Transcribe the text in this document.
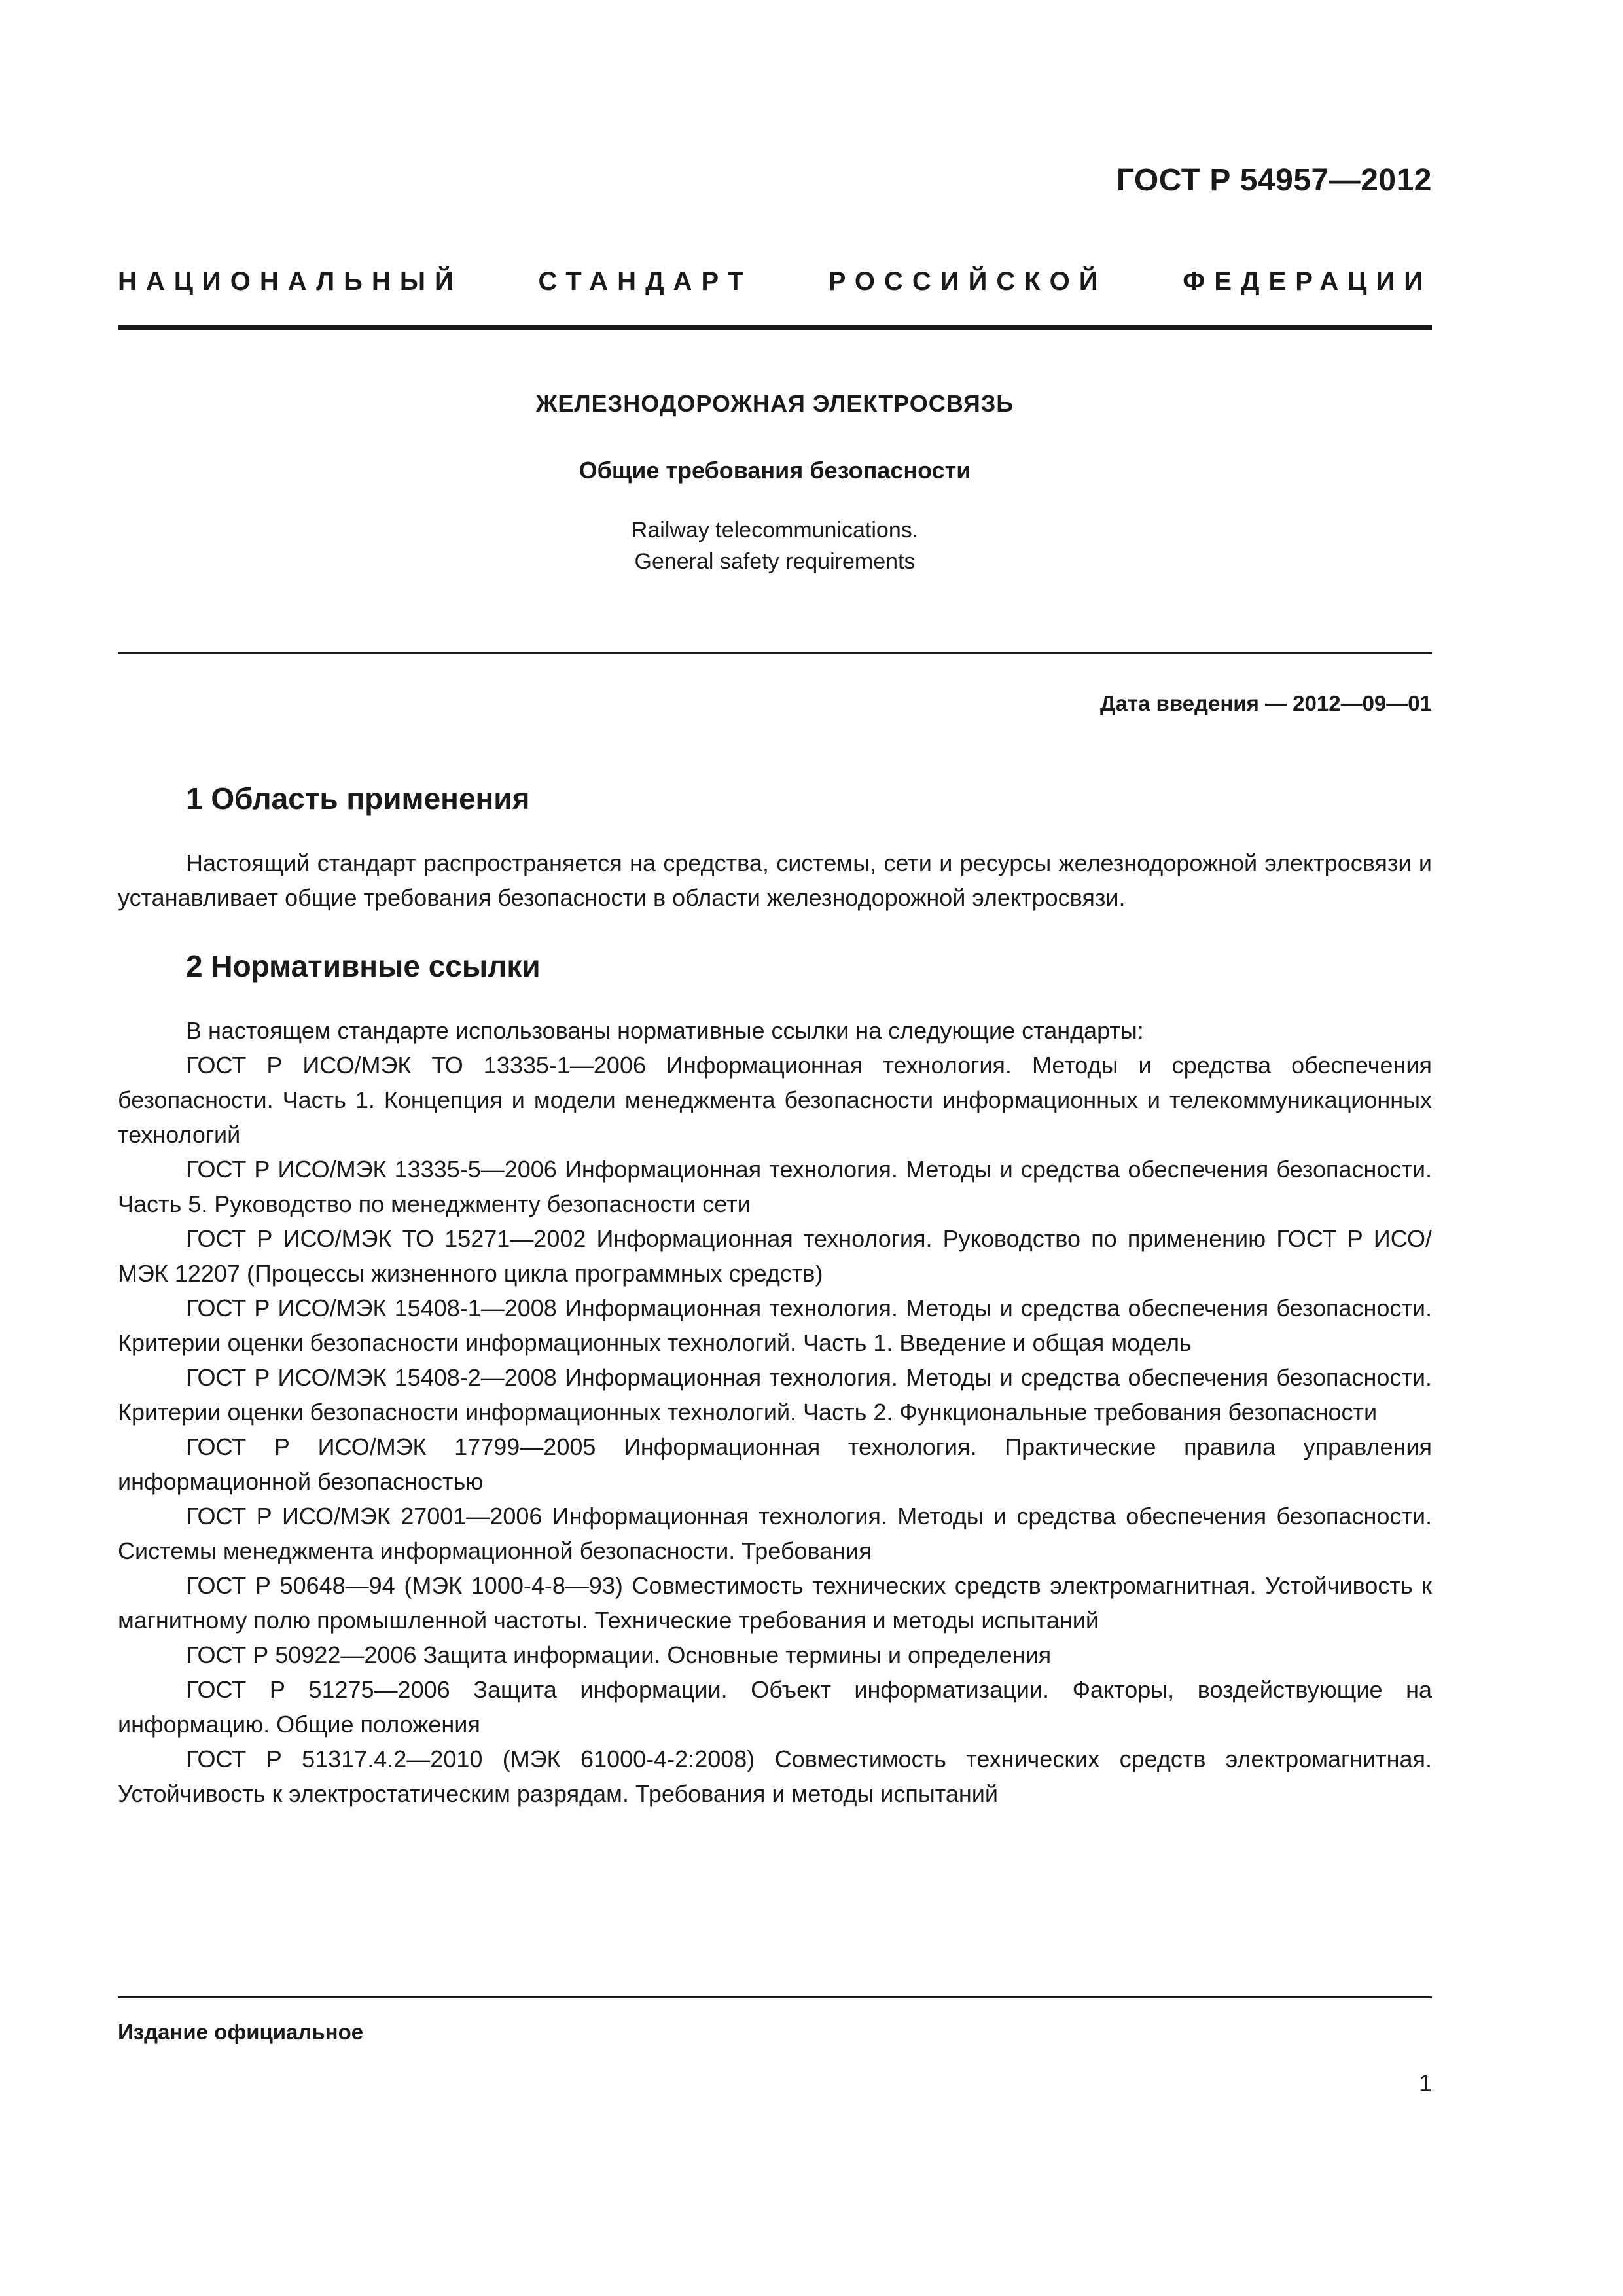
ГОСТ Р 54957—2012
НАЦИОНАЛЬНЫЙ	СТАНДАРТ	РОССИЙСКОЙ	ФЕДЕРАЦИИ
ЖЕЛЕЗНОДОРОЖНАЯ ЭЛЕКТРОСВЯЗЬ
Общие требования безопасности
Railway telecommunications.
General safety requirements
Дата введения — 2012—09—01
1 Область применения

Настоящий стандарт распространяется на средства, системы, сети и ресурсы железнодорожной электросвязи и устанавливает общие требования безопасности в области железнодорожной электросвязи.

2 Нормативные ссылки

В настоящем стандарте использованы нормативные ссылки на следующие стандарты:

ГОСТ Р ИСО/МЭК ТО 13335-1—2006 Информационная технология. Методы и средства обеспечения безопасности. Часть 1. Концепция и модели менеджмента безопасности информационных и телекоммуникационных технологий

ГОСТ Р ИСО/МЭК 13335-5—2006 Информационная технология. Методы и средства обеспечения безопасности. Часть 5. Руководство по менеджменту безопасности сети

ГОСТ Р ИСО/МЭК ТО 15271—2002 Информационная технология. Руководство по применению ГОСТ Р ИСО/МЭК 12207 (Процессы жизненного цикла программных средств)

ГОСТ Р ИСО/МЭК 15408-1—2008 Информационная технология. Методы и средства обеспечения безопасности. Критерии оценки безопасности информационных технологий. Часть 1. Введение и общая модель

ГОСТ Р ИСО/МЭК 15408-2—2008 Информационная технология. Методы и средства обеспечения безопасности. Критерии оценки безопасности информационных технологий. Часть 2. Функциональные требования безопасности

ГОСТ Р ИСО/МЭК 17799—2005 Информационная технология. Практические правила управления информационной безопасностью

ГОСТ Р ИСО/МЭК 27001—2006 Информационная технология. Методы и средства обеспечения безопасности. Системы менеджмента информационной безопасности. Требования

ГОСТ Р 50648—94 (МЭК 1000-4-8—93) Совместимость технических средств электромагнитная. Устойчивость к магнитному полю промышленной частоты. Технические требования и методы испытаний

ГОСТ Р 50922—2006 Защита информации. Основные термины и определения

ГОСТ Р 51275—2006 Защита информации. Объект информатизации. Факторы, воздействующие на информацию. Общие положения

ГОСТ Р 51317.4.2—2010 (МЭК 61000-4-2:2008) Совместимость технических средств электромагнитная. Устойчивость к электростатическим разрядам. Требования и методы испытаний

Издание официальное
1
